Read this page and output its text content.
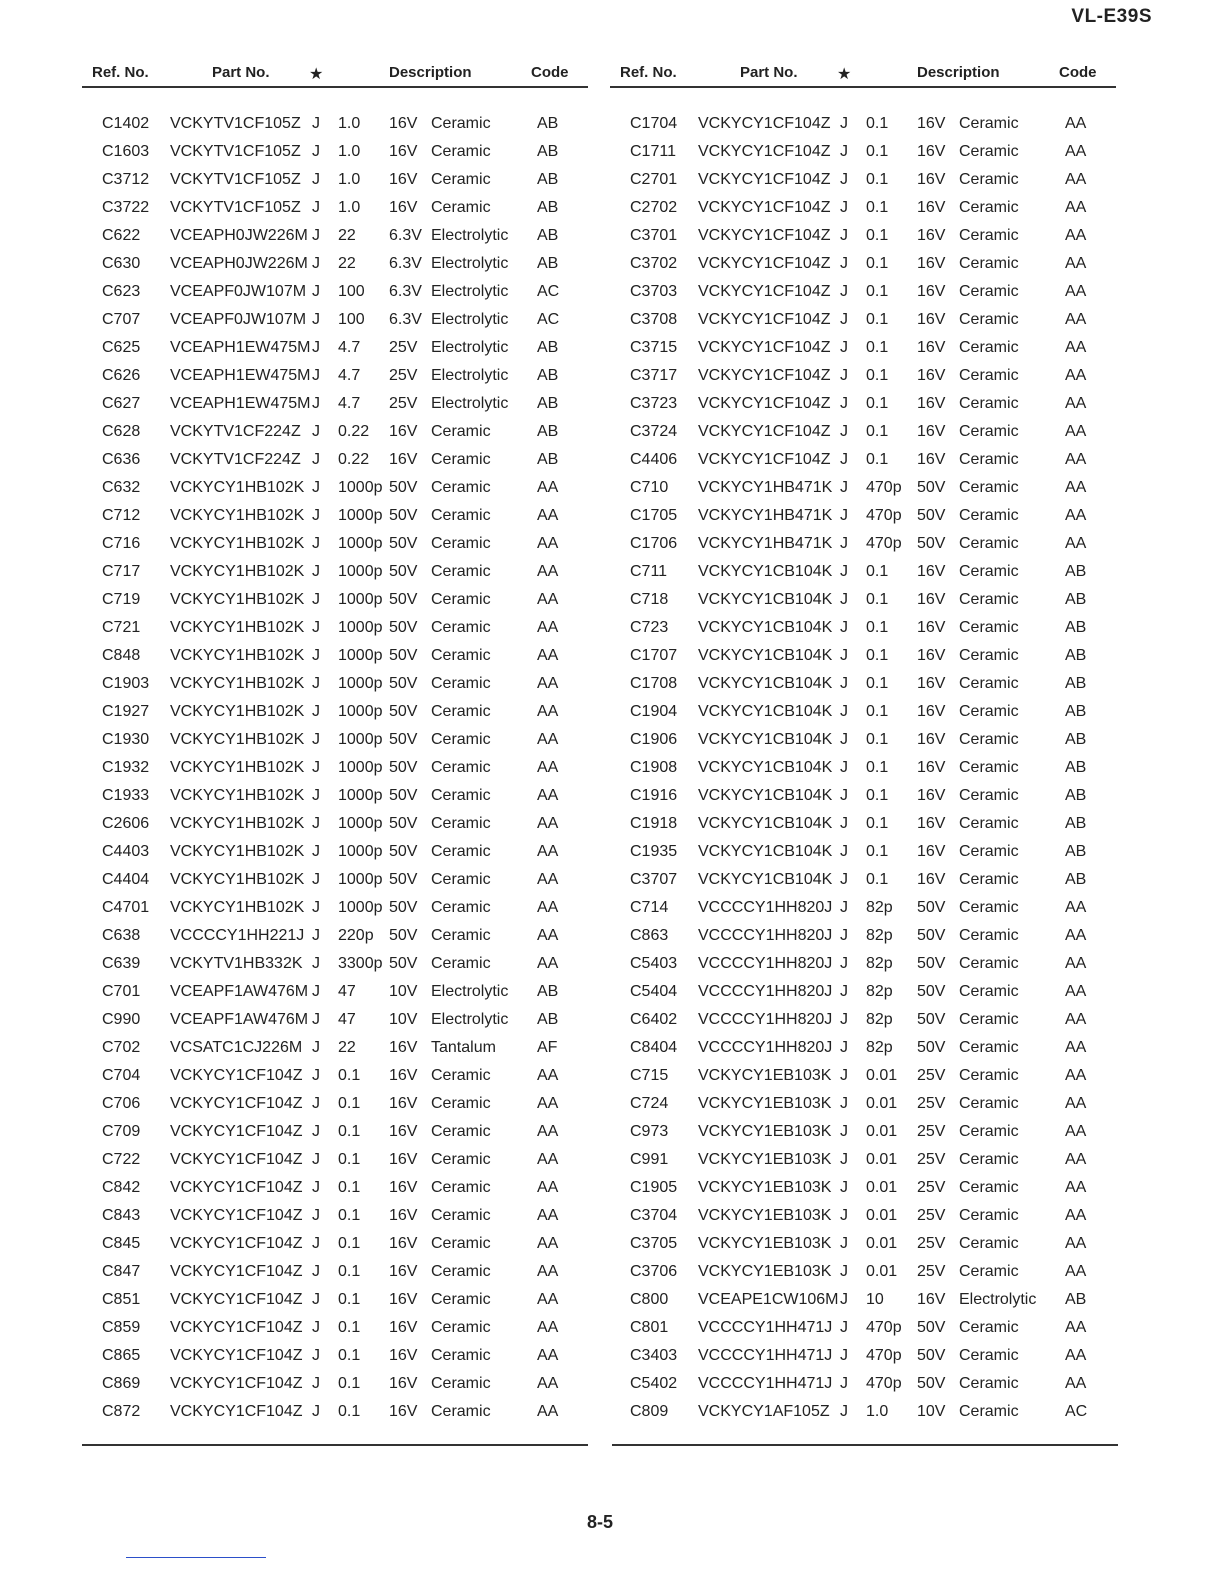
VL-E39S
Ref. No.	Part No. ★	Description	Code
C1402 VCKYTV1CF105Z J 1.0 16V Ceramic	AB
C1603 VCKYTV1CF105Z J 1.0 16V Ceramic	AB
C3712 VCKYTV1CF105Z J 1.0 16V Ceramic	AB
C3722 VCKYTV1CF105Z J 1.0 16V Ceramic	AB
C622 VCEAPH0JW226M J 22 6.3V Electrolytic AB
C630 VCEAPH0JW226M J 22 6.3V Electrolytic AB
C623 VCEAPF0JW107M J 100 6.3V Electrolytic AC
C707 VCEAPF0JW107M J 100 6.3V Electrolytic AC
C625 VCEAPH1EW475M J 4.7 25V Electrolytic AB
C626 VCEAPH1EW475M J 4.7 25V Electrolytic AB
C627 VCEAPH1EW475M J 4.7 25V Electrolytic AB
C628 VCKYTV1CF224Z J 0.22 16V Ceramic	AB
C636 VCKYTV1CF224Z J 0.22 16V Ceramic	AB
C632 VCKYCY1HB102K J 1000p 50V Ceramic	AA
C712 VCKYCY1HB102K J 1000p 50V Ceramic	AA
C716 VCKYCY1HB102K J 1000p 50V Ceramic	AA
C717 VCKYCY1HB102K J 1000p 50V Ceramic	AA
C719 VCKYCY1HB102K J 1000p 50V Ceramic	AA
C721 VCKYCY1HB102K J 1000p 50V Ceramic	AA
C848 VCKYCY1HB102K J 1000p 50V Ceramic	AA
C1903 VCKYCY1HB102K J 1000p 50V Ceramic	AA
C1927 VCKYCY1HB102K J 1000p 50V Ceramic	AA
C1930 VCKYCY1HB102K J 1000p 50V Ceramic	AA
C1932 VCKYCY1HB102K J 1000p 50V Ceramic	AA
C1933 VCKYCY1HB102K J 1000p 50V Ceramic	AA
C2606 VCKYCY1HB102K J 1000p 50V Ceramic	AA
C4403 VCKYCY1HB102K J 1000p 50V Ceramic	AA
C4404 VCKYCY1HB102K J 1000p 50V Ceramic	AA
C4701 VCKYCY1HB102K J 1000p 50V Ceramic	AA
C638 VCCCCY1HH221J J 220p 50V Ceramic	AA
C639 VCKYTV1HB332K J 3300p 50V Ceramic	AA
C701 VCEAPF1AW476M J 47 10V Electrolytic AB
C990 VCEAPF1AW476M J 47 10V Electrolytic AB
C702 VCSATC1CJ226M J 22 16V Tantalum	AF
C704 VCKYCY1CF104Z J 0.1 16V Ceramic	AA
C706 VCKYCY1CF104Z J 0.1 16V Ceramic	AA
C709 VCKYCY1CF104Z J 0.1 16V Ceramic	AA
C722 VCKYCY1CF104Z J 0.1 16V Ceramic	AA
C842 VCKYCY1CF104Z J 0.1 16V Ceramic	AA
C843 VCKYCY1CF104Z J 0.1 16V Ceramic	AA
C845 VCKYCY1CF104Z J 0.1 16V Ceramic	AA
C847 VCKYCY1CF104Z J 0.1 16V Ceramic	AA
C851 VCKYCY1CF104Z J 0.1 16V Ceramic	AA
C859 VCKYCY1CF104Z J 0.1 16V Ceramic	AA
C865 VCKYCY1CF104Z J 0.1 16V Ceramic	AA
C869 VCKYCY1CF104Z J 0.1 16V Ceramic	AA
C872 VCKYCY1CF104Z J 0.1 16V Ceramic	AA
Ref. No.	Part No. ★	Description	Code
C1704 VCKYCY1CF104Z J 0.1 16V Ceramic	AA
C1711 VCKYCY1CF104Z J 0.1 16V Ceramic	AA
C2701 VCKYCY1CF104Z J 0.1 16V Ceramic	AA
C2702 VCKYCY1CF104Z J 0.1 16V Ceramic	AA
C3701 VCKYCY1CF104Z J 0.1 16V Ceramic	AA
C3702 VCKYCY1CF104Z J 0.1 16V Ceramic	AA
C3703 VCKYCY1CF104Z J 0.1 16V Ceramic	AA
C3708 VCKYCY1CF104Z J 0.1 16V Ceramic	AA
C3715 VCKYCY1CF104Z J 0.1 16V Ceramic	AA
C3717 VCKYCY1CF104Z J 0.1 16V Ceramic	AA
C3723 VCKYCY1CF104Z J 0.1 16V Ceramic	AA
C3724 VCKYCY1CF104Z J 0.1 16V Ceramic	AA
C4406 VCKYCY1CF104Z J 0.1 16V Ceramic	AA
C710 VCKYCY1HB471K J 470p 50V Ceramic	AA
C1705 VCKYCY1HB471K J 470p 50V Ceramic	AA
C1706 VCKYCY1HB471K J 470p 50V Ceramic	AA
C711 VCKYCY1CB104K J 0.1 16V Ceramic	AB
C718 VCKYCY1CB104K J 0.1 16V Ceramic	AB
C723 VCKYCY1CB104K J 0.1 16V Ceramic	AB
C1707 VCKYCY1CB104K J 0.1 16V Ceramic	AB
C1708 VCKYCY1CB104K J 0.1 16V Ceramic	AB
C1904 VCKYCY1CB104K J 0.1 16V Ceramic	AB
C1906 VCKYCY1CB104K J 0.1 16V Ceramic	AB
C1908 VCKYCY1CB104K J 0.1 16V Ceramic	AB
C1916 VCKYCY1CB104K J 0.1 16V Ceramic	AB
C1918 VCKYCY1CB104K J 0.1 16V Ceramic	AB
C1935 VCKYCY1CB104K J 0.1 16V Ceramic	AB
C3707 VCKYCY1CB104K J 0.1 16V Ceramic	AB
C714 VCCCCY1HH820J J 82p 50V Ceramic	AA
C863 VCCCCY1HH820J J 82p 50V Ceramic	AA
C5403 VCCCCY1HH820J J 82p 50V Ceramic	AA
C5404 VCCCCY1HH820J J 82p 50V Ceramic	AA
C6402 VCCCCY1HH820J J 82p 50V Ceramic	AA
C8404 VCCCCY1HH820J J 82p 50V Ceramic	AA
C715 VCKYCY1EB103K J 0.01 25V Ceramic	AA
C724 VCKYCY1EB103K J 0.01 25V Ceramic	AA
C973 VCKYCY1EB103K J 0.01 25V Ceramic	AA
C991 VCKYCY1EB103K J 0.01 25V Ceramic	AA
C1905 VCKYCY1EB103K J 0.01 25V Ceramic	AA
C3704 VCKYCY1EB103K J 0.01 25V Ceramic	AA
C3705 VCKYCY1EB103K J 0.01 25V Ceramic	AA
C3706 VCKYCY1EB103K J 0.01 25V Ceramic	AA
C800 VCEAPE1CW106M J 10 16V Electrolytic AB
C801 VCCCCY1HH471J J 470p 50V Ceramic	AA
C3403 VCCCCY1HH471J J 470p 50V Ceramic	AA
C5402 VCCCCY1HH471J J 470p 50V Ceramic	AA
C809 VCKYCY1AF105Z J 1.0 10V Ceramic	AC
8-5
